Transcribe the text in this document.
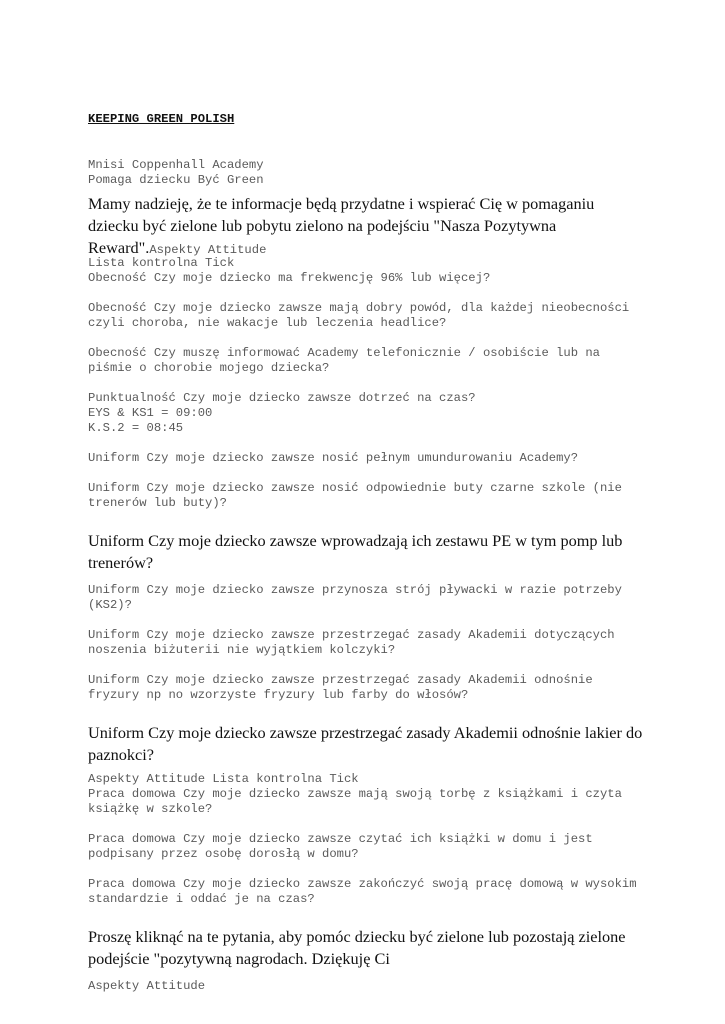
KEEPING GREEN POLISH

Mnisi Coppenhall Academy

Pomaga dziecku Być Green

Mamy nadzieję, że te informacje będą przydatne i wspierać Cię w pomaganiu dziecku być zielone lub pobytu zielono na podejściu "Nasza Pozytywna Reward".Aspekty Attitude

Lista kontrolna Tick

Obecność Czy moje dziecko ma frekwencję 96% lub więcej?

Obecność Czy moje dziecko zawsze mają dobry powód, dla każdej nieobecności czyli choroba, nie wakacje lub leczenia headlice?

Obecność Czy muszę informować Academy telefonicznie / osobiście lub na piśmie o chorobie mojego dziecka?

Punktualność Czy moje dziecko zawsze dotrzeć na czas?

EYS & KS1 = 09:00

K.S.2 = 08:45

Uniform Czy moje dziecko zawsze nosić pełnym umundurowaniu Academy?

Uniform Czy moje dziecko zawsze nosić odpowiednie buty czarne szkole (nie trenerów lub buty)?

Uniform Czy moje dziecko zawsze wprowadzają ich zestawu PE w tym pomp lub trenerów?

Uniform Czy moje dziecko zawsze przynosza strój pływacki w razie potrzeby (KS2)?

Uniform Czy moje dziecko zawsze przestrzegać zasady Akademii dotyczących noszenia biżuterii nie wyjątkiem kolczyki?

Uniform Czy moje dziecko zawsze przestrzegać zasady Akademii odnośnie fryzury np no wzorzyste fryzury lub farby do włosów?

Uniform Czy moje dziecko zawsze przestrzegać zasady Akademii odnośnie lakier do paznokci?

Aspekty Attitude Lista kontrolna Tick

Praca domowa Czy moje dziecko zawsze mają swoją torbę z książkami i czyta książkę w szkole?

Praca domowa Czy moje dziecko zawsze czytać ich książki w domu i jest podpisany przez osobę dorosłą w domu?

Praca domowa Czy moje dziecko zawsze zakończyć swoją pracę domową w wysokim standardzie i oddać je na czas?

Proszę kliknąć na te pytania, aby pomóc dziecku być zielone lub pozostają zielone podejście "pozytywną nagrodach. Dziękuję Ci

Aspekty Attitude
